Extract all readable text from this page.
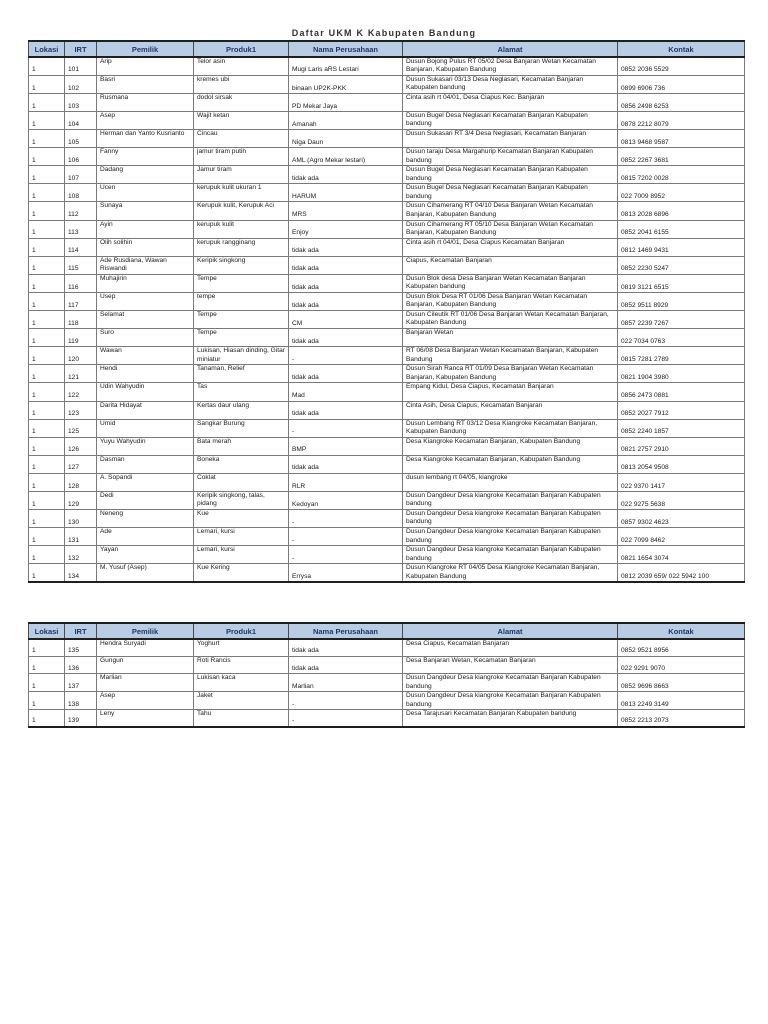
Daftar UKM K Kabupaten Bandung
Lokasi	IRT	Pemilik	Produk1	Nama Perusahaan	Alamat	Kontak
1	101	Arip	Telor asin	Mugi Laris aRS Lestari	Dusun Bojong Pulus RT 05/02 Desa Banjaran Wetan Kecamatan Banjaran, Kabupaten Bandung	0852 2036 5529
1	102	Basri	kremes ubi	binaan UP2K-PKK	Dusun Sukasari 03/13 Desa Neglasari, Kecamatan Banjaran Kabupaten bandung	0899 6906 736
1	103	Rusmana	dodol sirsak	PD Mekar Jaya	Cinta asih rt 04/01, Desa Ciapus Kec. Banjaran	0856 2498 6253
1	104	Asep	Wajit ketan	Amanah	Dusun Bugel Desa Neglasari Kecamatan Banjaran Kabupaten bandung	0878 2212 8079
1	105	Herman dan Yanto Kusrianto	Cincau	Niga Daun	Dusun Sukasari RT 3/4 Desa Neglasari, Kecamatan Banjaran	0813 9468 9587
1	106	Fanny	jamur tiram putih	AML (Agro Mekar lestari)	Dusun taraju Desa Margahurip Kecamatan Banjaran Kabupaten bandung	0852 2267 3681
1	107	Dadang	Jamur tiram	tidak ada	Dusun Bugel Desa Neglasari Kecamatan Banjaran Kabupaten bandung	0815 7202 0028
1	108	Ucen	kerupuk kulit ukuran 1	HARUM	Dusun Bugel Desa Neglasari Kecamatan Banjaran Kabupaten bandung	022 7009 8952
1	112	Sunaya	Kerupuk kulit, Kerupuk Aci	MRS	Dusun Cihamerang RT 04/10 Desa Banjaran Wetan Kecamatan Banjaran, Kabupaten Bandung	0813 2028 6896
1	113	Ayin	kerupuk kulit	Enjoy	Dusun Cihamerang RT 05/10 Desa Banjaran Wetan Kecamatan Banjaran, Kabupaten Bandung	0852 2041 6155
1	114	Olih solihin	kerupuk rangginang	tidak ada	Cinta asih rt 04/01, Desa Ciapus Kecamatan Banjaran	0812 1469 9431
1	115	Ade Rusdiana, Wawan Riswandi	Keripik singkong	tidak ada	Ciapus, Kecamatan Banjaran	0852 2230 5247
1	116	Muhajirin	Tempe	tidak ada	Dusun Blok desa Desa Banjaran Wetan Kecamatan Banjaran Kabupaten bandung	0819 3121 6515
1	117	Usep	tempe	tidak ada	Dusun Blok Desa RT 01/06 Desa Banjaran Wetan Kecamatan Banjaran, Kabupaten Bandung	0852 9511 8929
1	118	Selamat	Tempe	CM	Dusun Cileutik RT 01/06 Desa Banjaran Wetan Kecamatan Banjaran, Kabupaten Bandung	0857 2239 7267
1	119	Suro	Tempe	tidak ada	Banjaran Wetan	022 7034 0763
1	120	Wawan	Lukisan, Hiasan dinding, Gitar miniatur	-	RT 06/08 Desa Banjaran Wetan Kecamatan Banjaran, Kabupaten Bandung	0815 7281 2789
1	121	Hendi	Tanaman, Relief	tidak ada	Dusun Sirah Ranca RT 01/09 Desa Banjaran Wetan Kecamatan Banjaran, Kabupaten Bandung	0821 1904 3980
1	122	Udin Wahyudin	Tas	Mad	Empang Kidul, Desa Ciapus, Kecamatan Banjaran	0856 2473 0881
1	123	Darita Hidayat	Kertas daur ulang	tidak ada	Cinta Asih, Desa Ciapus, Kecamatan Banjaran	0852 2027 7912
1	125	Umid	Sangkar Burung	-	Dusun Lembang RT 03/12 Desa Kiangroke Kecamatan Banjaran, Kabupaten Bandung	0852 2240 1857
1	126	Yuyu Wahyudin	Bata merah	BMP	Desa Kiangroke Kecamatan Banjaran, Kabupaten Bandung	0821 2757 2910
1	127	Dasman	Boneka	tidak ada	Desa Kiangroke Kecamatan Banjaran, Kabupaten Bandung	0813 2054 9508
1	128	A. Sopandi	Coklat	RLR	dusun lembang rt 04/05, kiangroke	022 9370 1417
1	129	Dedi	Keripik singkong, talas, pidang	Kedoyan	Dusun Dangdeur Desa kiangroke Kecamatan Banjaran Kabupaten bandung	022 9275 5638
1	130	Neneng	Kue	-	Dusun Dangdeur Desa kiangroke Kecamatan Banjaran Kabupaten bandung	0857 9302 4623
1	131	Ade	Lemari, kursi	-	Dusun Dangdeur Desa kiangroke Kecamatan Banjaran Kabupaten bandung	022 7099 8462
1	132	Yayan	Lemari, kursi	-	Dusun Dangdeur Desa kiangroke Kecamatan Banjaran Kabupaten bandung	0821 1654 3074
1	134	M. Yusuf (Asep)	Kue Kering	Errysa	Dusun Kiangroke RT 04/05 Desa Kiangroke Kecamatan Banjaran, Kabupaten Bandung	0812 2039 659/ 022 5942 100
Lokasi	IRT	Pemilik	Produk1	Nama Perusahaan	Alamat	Kontak
1	135	Hendra Suryadi	Yoghurt	tidak ada	Desa Ciapus, Kecamatan Banjaran	0852 9521 8956
1	136	Gungun	Roti Rancis	tidak ada	Desa Banjaran Wetan, Kecamatan Banjaran	022 9291 9070
1	137	Marlian	Lukisan kaca	Marlian	Dusun Dangdeur Desa kiangroke Kecamatan Banjaran Kabupaten bandung	0852 9696 8663
1	138	Asep	Jaket	-	Dusun Dangdeur Desa kiangroke Kecamatan Banjaran Kabupaten bandung	0813 2249 3149
1	139	Leny	Tahu	-	Desa Tarajusari Kecamatan Banjaran Kabupaten bandung	0852 2213 2073
